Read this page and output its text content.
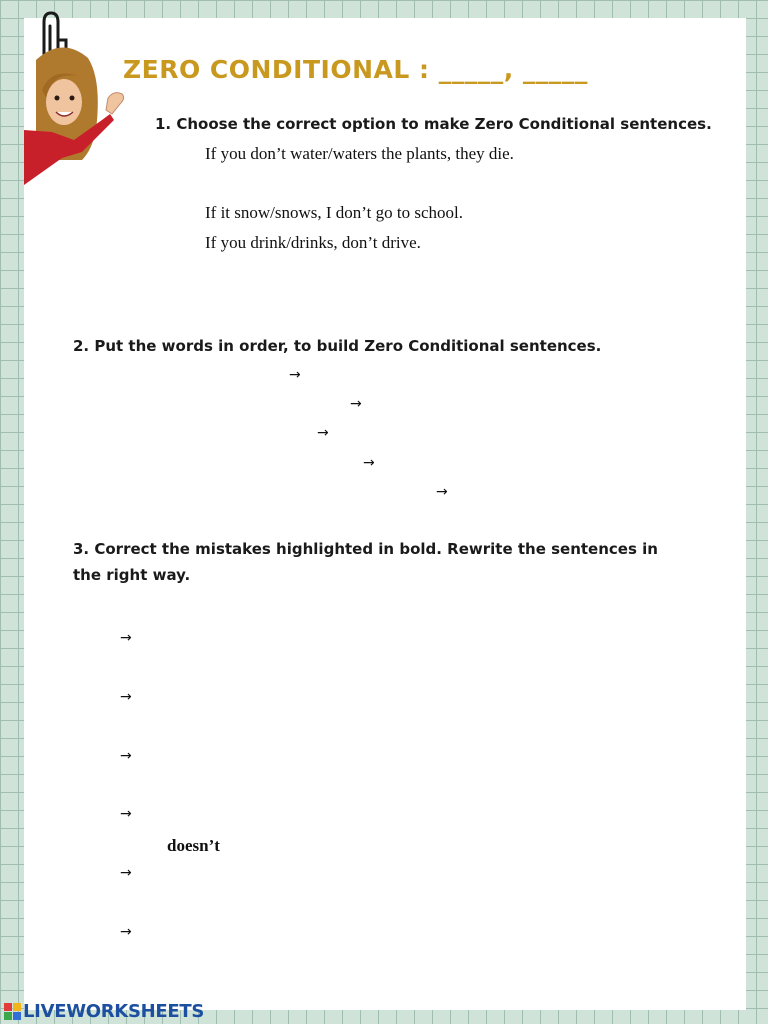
ZERO CONDITIONAL : _____, _____

1. Choose the correct option to make Zero Conditional sentences.

If you don’t water/waters the plants, they die.

If it snow/snows, I don’t go to school.

If you drink/drinks, don’t drive.

2. Put the words in order, to build Zero Conditional sentences.

→
→
→
→
→

3. Correct the mistakes highlighted in bold. Rewrite the sentences in the right way.

→
→
→
→
doesn’t
→
→
LIVEWORKSHEETS
